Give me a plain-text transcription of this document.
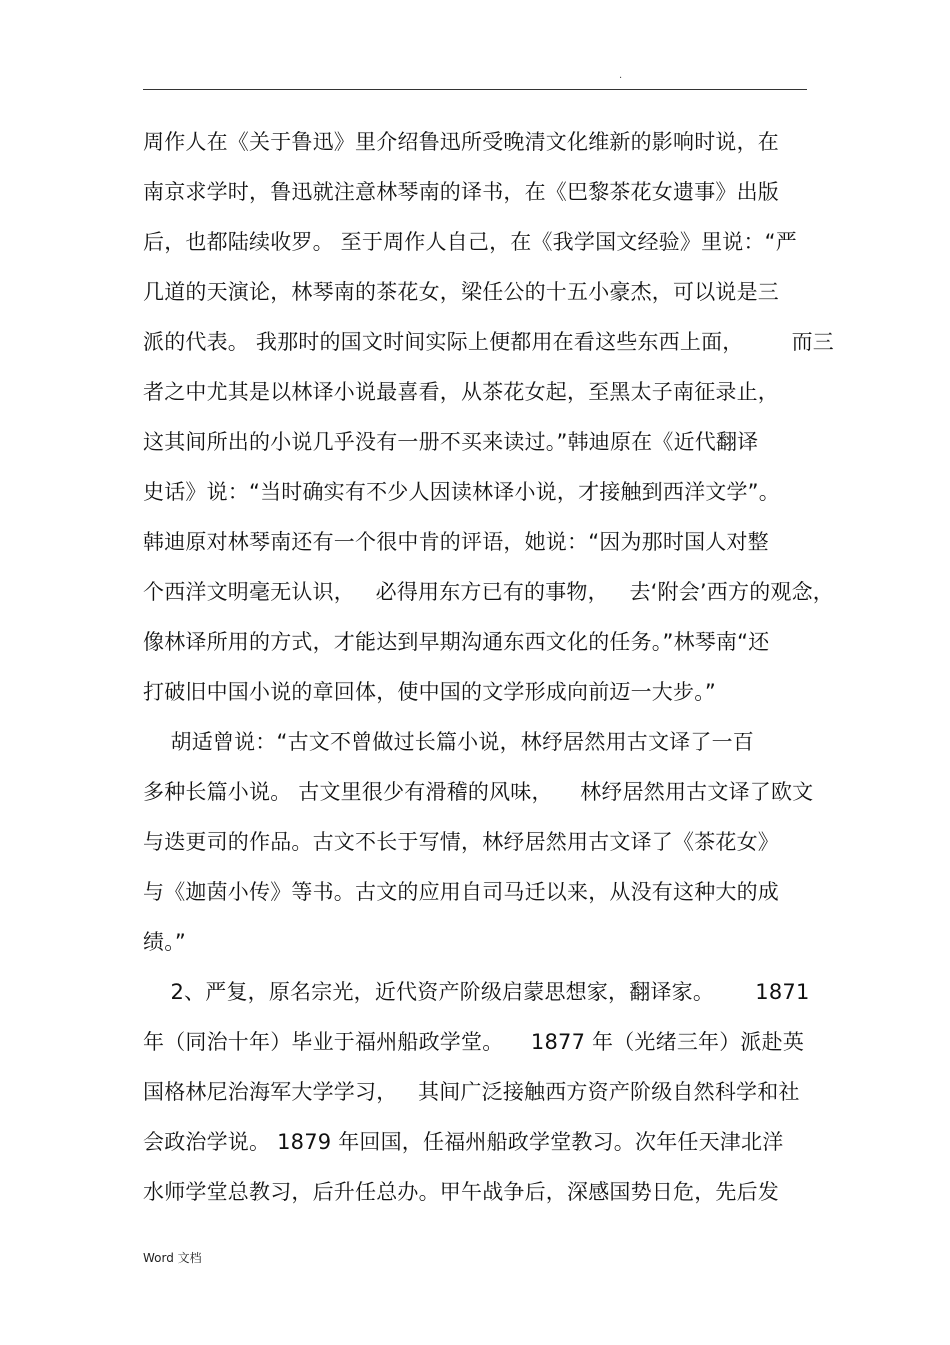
.
周作人在《关于鲁迅》里介绍鲁迅所受晚清文化维新的影响时说，在
南京求学时，鲁迅就注意林琴南的译书，在《巴黎茶花女遗事》出版
后，也都陆续收罗。 至于周作人自己，在《我学国文经验》里说：“严
几道的天演论，林琴南的茶花女，梁任公的十五小豪杰，可以说是三
派的代表。 我那时的国文时间实际上便都用在看这些东西上面，       而三
者之中尤其是以林译小说最喜看，从茶花女起，至黑太子南征录止，
这其间所出的小说几乎没有一册不买来读过。”韩迪原在《近代翻译
史话》说：“当时确实有不少人因读林译小说，才接触到西洋文学”。
韩迪原对林琴南还有一个很中肯的评语，她说：“因为那时国人对整
个西洋文明毫无认识，   必得用东方已有的事物，   去‘附会’西方的观念，
像林译所用的方式，才能达到早期沟通东西文化的任务。”林琴南“还
打破旧中国小说的章回体，使中国的文学形成向前迈一大步。”
胡适曾说：“古文不曾做过长篇小说，林纾居然用古文译了一百
多种长篇小说。 古文里很少有滑稽的风味，    林纾居然用古文译了欧文
与迭更司的作品。古文不长于写情，林纾居然用古文译了《茶花女》
与《迦茵小传》等书。古文的应用自司马迁以来，从没有这种大的成
绩。”
2、严复，原名宗光，近代资产阶级启蒙思想家，翻译家。      1871
年（同治十年）毕业于福州船政学堂。    1877 年（光绪三年）派赴英
国格林尼治海军大学学习，   其间广泛接触西方资产阶级自然科学和社
会政治学说。 1879 年回国，任福州船政学堂教习。次年任天津北洋
水师学堂总教习，后升任总办。甲午战争后，深感国势日危，先后发
Word 文档
